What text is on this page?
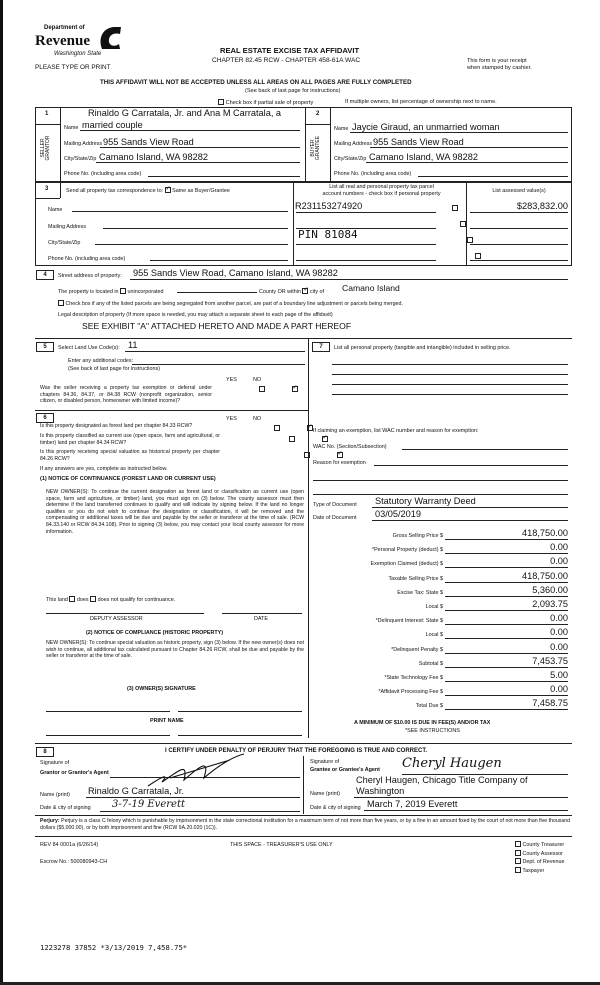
Department of
Revenue
Washington State
PLEASE TYPE OR PRINT
REAL ESTATE EXCISE TAX AFFIDAVIT
CHAPTER 82.45 RCW - CHAPTER 458-61A WAC	This form is your receipt
when stamped by cashier.
THIS AFFIDAVIT WILL NOT BE ACCEPTED UNLESS ALL AREAS ON ALL PAGES ARE FULLY COMPLETED
(See back of last page for instructions)
Check box if partial sale of property	If multiple owners, list percentage of ownership next to name.
1	2
SELLER GRANTOR	BUYER GRANTEE
Rinaldo G Carratala, Jr. and Ana M Carratala, a
Name married couple
Mailing Address 955 Sands View Road
City/State/Zip Camano Island, WA 98282
Phone No. (including area code)
Name Jaycie Giraud, an unmarried woman
Mailing Address 955 Sands View Road
City/State/Zip Camano Island, WA 98282
Phone No. (including area code)
3	Send all property tax correspondence to: ✓ Same as Buyer/Grantee
List all real and personal property tax parcel
account numbers - check box if personal property	List assessed value(s)
Name
Mailing Address
City/State/Zip
Phone No. (including area code)
R231153274920
PIN 81084

$283,832.00
4	Street address of property: 955 Sands View Road, Camano Island, WA 98282
The property is located in unincorporated	County OR within ✓ city of Camano Island
Check box if any of the listed parcels are being segregated from another parcel, are part of a boundary line adjustment or parcels being merged.
Legal description of property (If more space is needed, you may attach a separate sheet to each page of the affidavit)
SEE EXHIBIT "A" ATTACHED HERETO AND MADE A PART HEREOF
5	Select Land Use Code(s): 11
Enter any additional codes:
(See back of last page for instructions)
YES	NO
Was the seller receiving a property tax exemption or deferral under chapters 84.36, 84.37, or 84.38 RCW (nonprofit organization, senior citizen, or disabled person, homeowner with limited income)?
✓
6	YES	NO
Is this property designated as forest land per chapter 84.33 RCW?
✓
Is this property classified as current use (open space, farm and agricultural, or timber) land per chapter 84.34 RCW?
✓
Is this property receiving special valuation as historical property per chapter 84.26 RCW?
✓
If any answers are yes, complete as instructed below.
(1) NOTICE OF CONTINUANCE (FOREST LAND OR CURRENT USE)
NEW OWNER(S): To continue the current designation as forest land or classification as current use (open space, farm and agriculture, or timber) land, you must sign on (3) below. The county assessor must then determine if the land transferred continues to qualify and will indicate by signing below. If the land no longer qualifies or you do not wish to continue the designation or classification, it will be removed and the compensating or additional taxes will be due and payable by the seller or transferor at the time of sale. (RCW 84.33.140 or RCW 84.34.108). Prior to signing (3) below, you may contact your local county assessor for more information.
This land does does not qualify for continuance.
DEPUTY ASSESSOR	DATE
(2) NOTICE OF COMPLIANCE (HISTORIC PROPERTY)
NEW OWNER(S): To continue special valuation as historic property, sign (3) below. If the new owner(s) does not wish to continue, all additional tax calculated pursuant to Chapter 84.26 RCW, shall be due and payable by the seller or transferor at the time of sale.
(3) OWNER(S) SIGNATURE
PRINT NAME
7	List all personal property (tangible and intangible) included in selling price.
If claiming an exemption, list WAC number and reason for exemption:
WAC No. (Section/Subsection)
Reason for exemption
Type of Document Statutory Warranty Deed
Date of Document 03/05/2019
Gross Selling Price $	418,750.00
*Personal Property (deduct) $	0.00
Exemption Claimed (deduct) $	0.00
Taxable Selling Price $	418,750.00
Excise Tax: State $	5,360.00
Local $	2,093.75
*Delinquent Interest: State $	0.00
Local $	0.00
*Delinquent Penalty $	0.00
Subtotal $	7,453.75
*State Technology Fee $	5.00
*Affidavit Processing Fee $	0.00
Total Due $	7,458.75
A MINIMUM OF $10.00 IS DUE IN FEE(S) AND/OR TAX
*SEE INSTRUCTIONS
8	I CERTIFY UNDER PENALTY OF PERJURY THAT THE FOREGOING IS TRUE AND CORRECT.
Signature of
Grantor or Grantor's Agent
Name (print) Rinaldo G Carratala, Jr.
Date & city of signing 3-7-19 Everett
Signature of
Grantee or Grantee's Agent Cheryl Haugen
Cheryl Haugen, Chicago Title Company of
Name (print) Washington
Date & city of signing March 7, 2019 Everett
Perjury: Perjury is a class C felony which is punishable by imprisonment in the state correctional institution for a maximum term of not more than five years, or by a fine in an amount fixed by the court of not more than five thousand dollars ($5,000.00), or by both imprisonment and fine (RCW 9A.20.020 (1C)).
REV 84 0001a (6/26/14)	THIS SPACE - TREASURER'S USE ONLY
Escrow No.: 500080943-CH
County Treasurer
County Assessor
Dept. of Revenue
Taxpayer
1223278 37852 *3/13/2019 7,458.75*
